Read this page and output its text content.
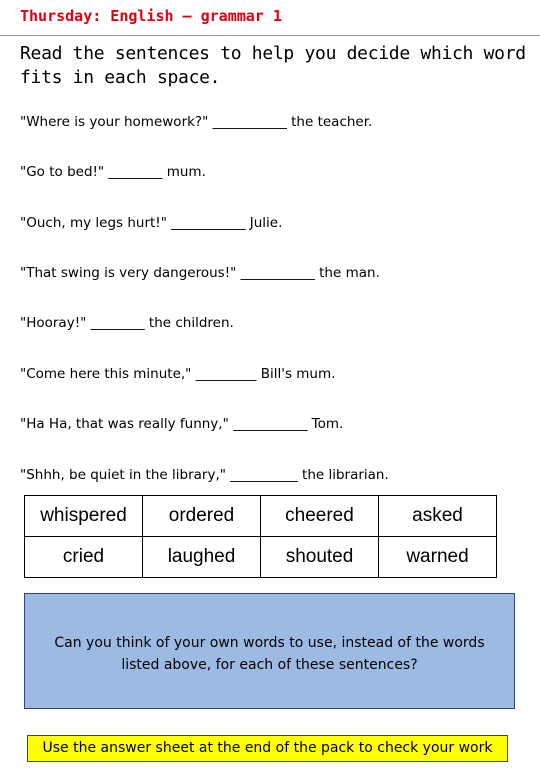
Thursday: English – grammar 1
Read the sentences to help you decide which word fits in each space.
"Where is your homework?" ___________ the teacher.
"Go to bed!" ________ mum.
"Ouch, my legs hurt!" ___________ Julie.
"That swing is very dangerous!" ___________ the man.
"Hooray!" ________ the children.
"Come here this minute," _________ Bill's mum.
"Ha Ha, that was really funny," ___________ Tom.
"Shhh, be quiet in the library," __________ the librarian.
whispered	ordered	cheered	asked
cried	laughed	shouted	warned
Can you think of your own words to use, instead of the words listed above, for each of these sentences?
Use the answer sheet at the end of the pack to check your work
